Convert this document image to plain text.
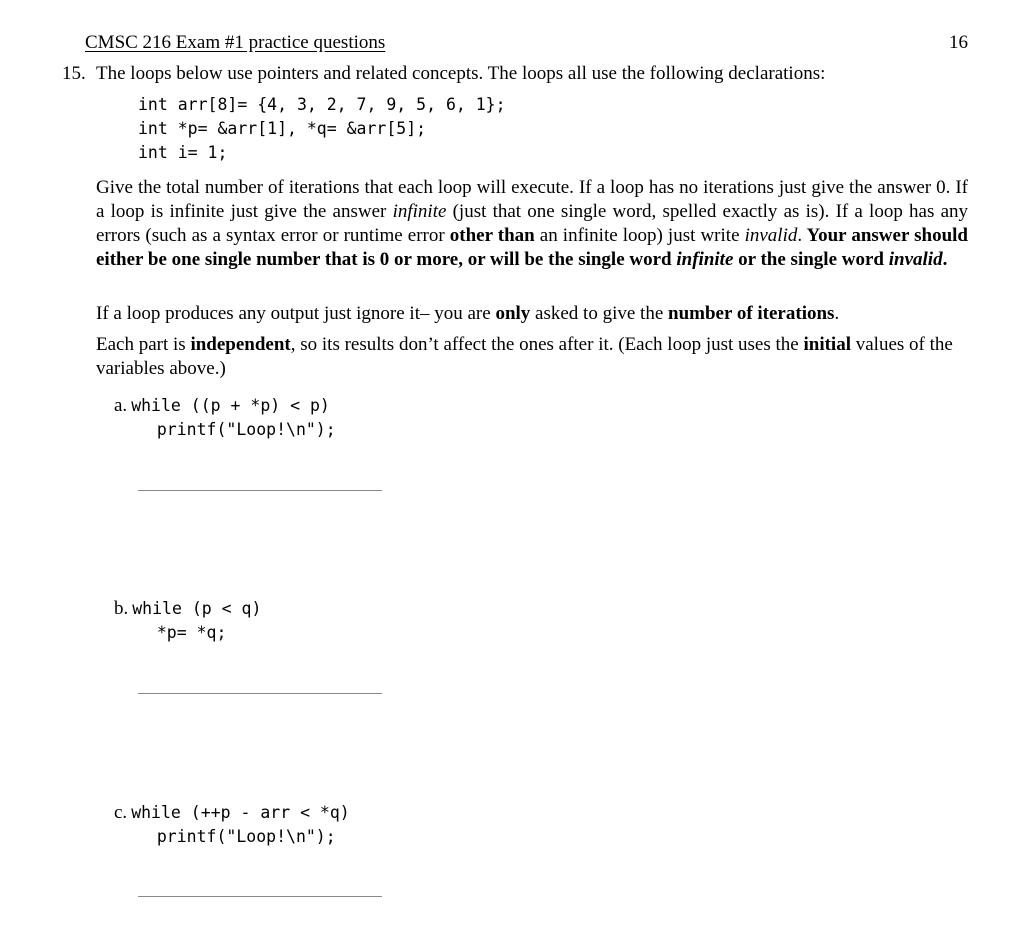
CMSC 216 Exam #1 practice questions	16
15. The loops below use pointers and related concepts. The loops all use the following declarations:
int arr[8]= {4, 3, 2, 7, 9, 5, 6, 1};
int *p= &arr[1], *q= &arr[5];
int i= 1;
Give the total number of iterations that each loop will execute. If a loop has no iterations just give the answer 0. If a loop is infinite just give the answer infinite (just that one single word, spelled exactly as is). If a loop has any errors (such as a syntax error or runtime error other than an infinite loop) just write invalid. Your answer should either be one single number that is 0 or more, or will be the single word infinite or the single word invalid.
If a loop produces any output just ignore it– you are only asked to give the number of iterations.
Each part is independent, so its results don’t affect the ones after it. (Each loop just uses the initial values of the variables above.)
a. while ((p + *p) < p)
printf("Loop!\n");
b. while (p < q)
*p= *q;
c. while (++p - arr < *q)
printf("Loop!\n");
